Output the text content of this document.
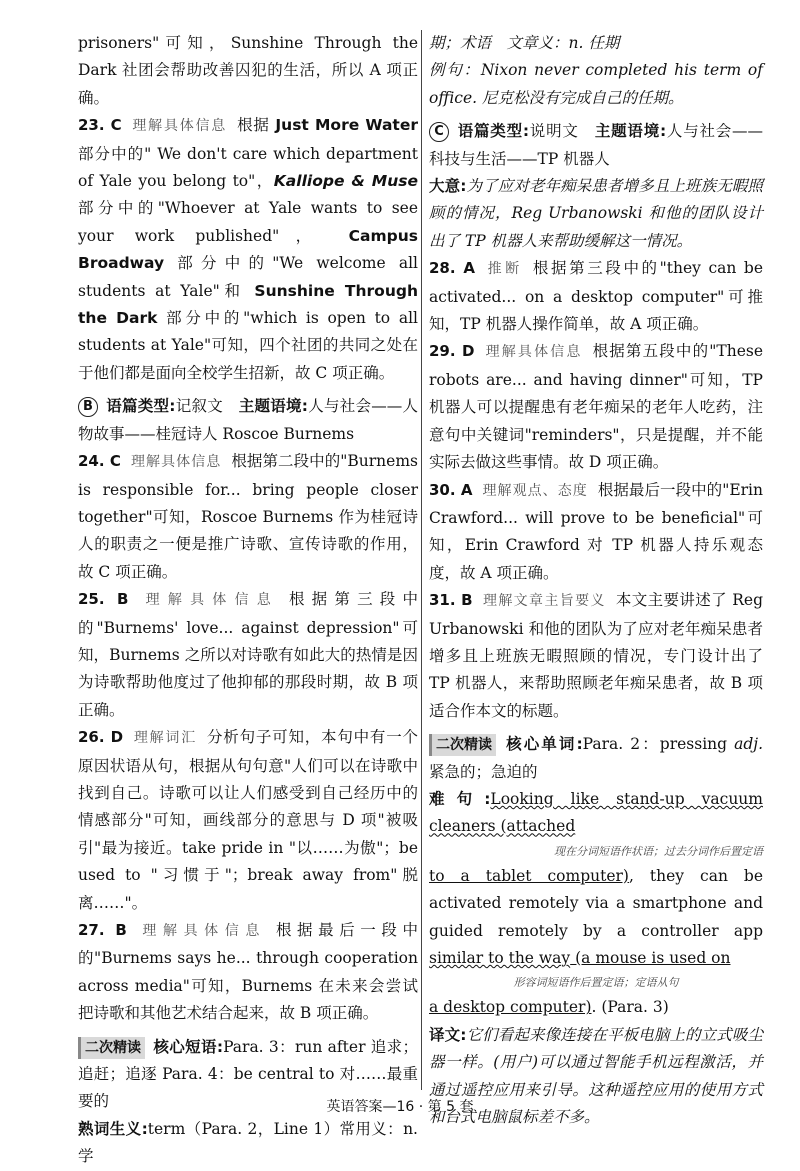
prisoners"可知，Sunshine Through the Dark 社团会帮助改善囚犯的生活，所以 A 项正确。
23. C 理解具体信息 根据 Just More Water 部分中的" We don't care which department of Yale you belong to"，Kalliope & Muse 部分中的"Whoever at Yale wants to see your work published"， Campus Broadway 部分中的"We welcome all students at Yale"和 Sunshine Through the Dark 部分中的"which is open to all students at Yale"可知，四个社团的共同之处在于他们都是面向全校学生招新，故 C 项正确。
B 语篇类型:记叙文　 主题语境:人与社会——人物故事——桂冠诗人 Roscoe Burnems
24. C 理解具体信息 根据第二段中的"Burnems is responsible for... bring people closer together"可知，Roscoe Burnems 作为桂冠诗人的职责之一便是推广诗歌、宣传诗歌的作用，故 C 项正确。
25. B 理解具体信息 根据第三段中的"Burnems' love... against depression"可知，Burnems 之所以对诗歌有如此大的热情是因为诗歌帮助他度过了他抑郁的那段时期，故 B 项正确。
26. D 理解词汇 分析句子可知，本句中有一个原因状语从句，根据从句句意"人们可以在诗歌中找到自己。诗歌可以让人们感受到自己经历中的情感部分"可知，画线部分的意思与 D 项"被吸引"最为接近。take pride in "以……为傲"；be used to "习惯于"；break away from"脱离……"。
27. B 理解具体信息 根据最后一段中的"Burnems says he... through cooperation across media"可知，Burnems 在未来会尝试把诗歌和其他艺术结合起来，故 B 项正确。
二次精读 核心短语:Para. 3：run after 追求；追赶；追逐 Para. 4：be central to 对……最重要的
熟词生义:term（Para. 2，Line 1）常用义：n. 学
期；术语　文章义：n. 任期
例句：Nixon never completed his term of office. 尼克松没有完成自己的任期。
C 语篇类型:说明文　 主题语境:人与社会——科技与生活——TP 机器人
大意:为了应对老年痴呆患者增多且上班族无暇照顾的情况，Reg Urbanowski 和他的团队设计出了 TP 机器人来帮助缓解这一情况。
28. A 推断 根据第三段中的"they can be activated... on a desktop computer"可推知，TP 机器人操作简单，故 A 项正确。
29. D 理解具体信息 根据第五段中的"These robots are... and having dinner"可知，TP 机器人可以提醒患有老年痴呆的老年人吃药，注意句中关键词"reminders"，只是提醒，并不能实际去做这些事情。故 D 项正确。
30. A 理解观点、态度 根据最后一段中的"Erin Crawford... will prove to be beneficial"可知，Erin Crawford 对 TP 机器人持乐观态度，故 A 项正确。
31. B 理解文章主旨要义 本文主要讲述了 Reg Urbanowski 和他的团队为了应对老年痴呆患者增多且上班族无暇照顾的情况，专门设计出了 TP 机器人，来帮助照顾老年痴呆患者，故 B 项适合作本文的标题。
二次精读 核心单词:Para. 2：pressing adj. 紧急的；急迫的
难句:Looking like stand-up vacuum cleaners (attached
现在分词短语作状语；过去分词作后置定语
to a tablet computer), they can be activated remotely via a smartphone and guided remotely by a controller app similar to the way (a mouse is used on
形容词短语作后置定语；定语从句
a desktop computer). (Para. 3)
译文:它们看起来像连接在平板电脑上的立式吸尘器一样。(用户)可以通过智能手机远程激活，并通过遥控应用来引导。这种遥控应用的使用方式和台式电脑鼠标差不多。
英语答案—16 · 第 5 套
